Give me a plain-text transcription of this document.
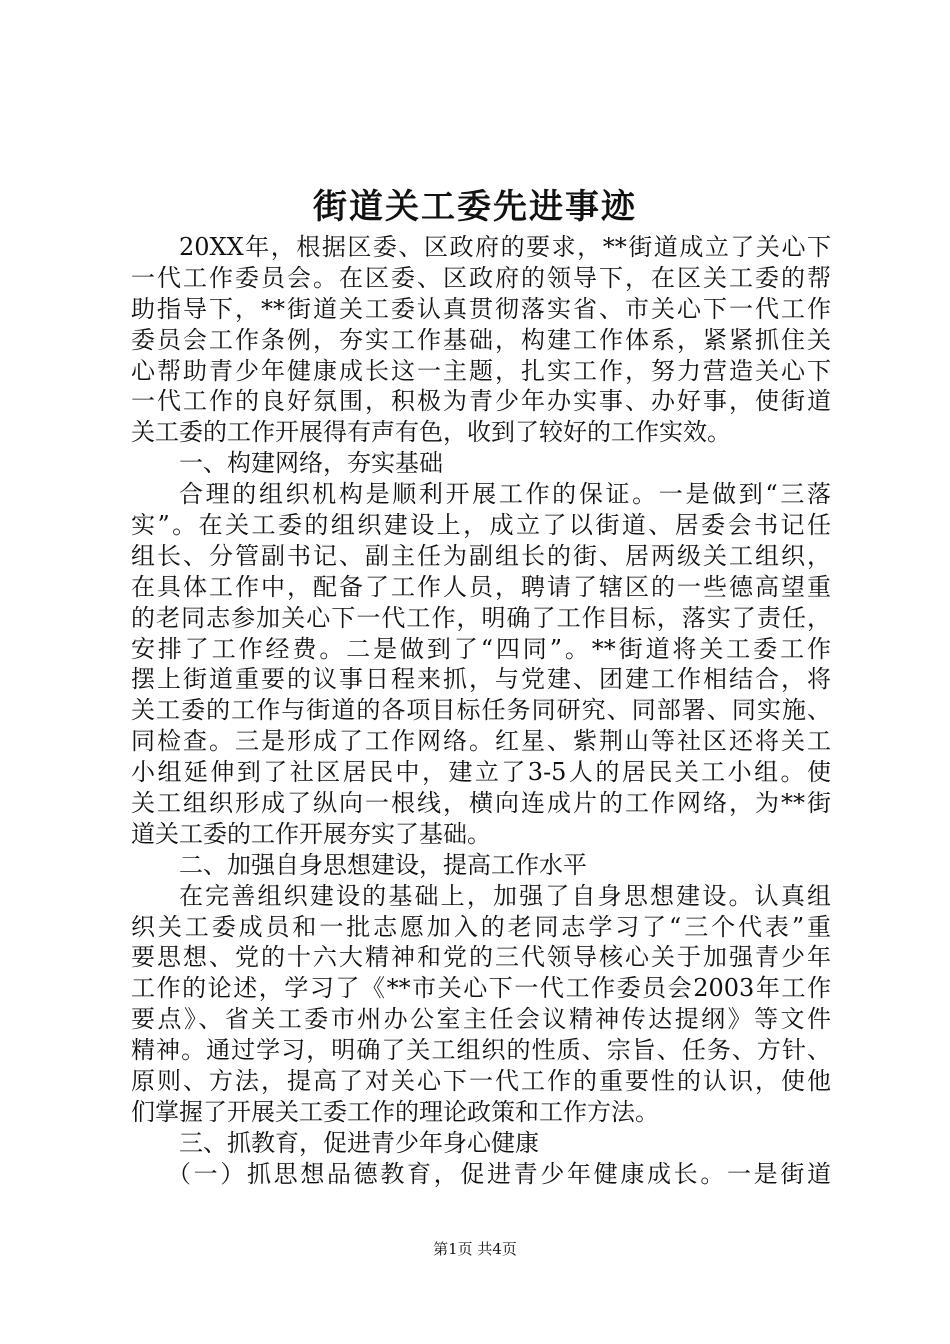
街道关工委先进事迹

20XX年，根据区委、区政府的要求，**街道成立了关心下

一代工作委员会。在区委、区政府的领导下，在区关工委的帮

助指导下，**街道关工委认真贯彻落实省、市关心下一代工作

委员会工作条例，夯实工作基础，构建工作体系，紧紧抓住关

心帮助青少年健康成长这一主题，扎实工作，努力营造关心下

一代工作的良好氛围，积极为青少年办实事、办好事，使街道

关工委的工作开展得有声有色，收到了较好的工作实效。

一、构建网络，夯实基础

合理的组织机构是顺利开展工作的保证。一是做到“三落

实”。在关工委的组织建设上，成立了以街道、居委会书记任

组长、分管副书记、副主任为副组长的街、居两级关工组织，

在具体工作中，配备了工作人员，聘请了辖区的一些德高望重

的老同志参加关心下一代工作，明确了工作目标，落实了责任，

安排了工作经费。二是做到了“四同”。**街道将关工委工作

摆上街道重要的议事日程来抓，与党建、团建工作相结合，将

关工委的工作与街道的各项目标任务同研究、同部署、同实施、

同检查。三是形成了工作网络。红星、紫荆山等社区还将关工

小组延伸到了社区居民中，建立了3-5人的居民关工小组。使

关工组织形成了纵向一根线，横向连成片的工作网络，为**街

道关工委的工作开展夯实了基础。

二、加强自身思想建设，提高工作水平

在完善组织建设的基础上，加强了自身思想建设。认真组

织关工委成员和一批志愿加入的老同志学习了“三个代表”重

要思想、党的十六大精神和党的三代领导核心关于加强青少年

工作的论述，学习了《**市关心下一代工作委员会2003年工作

要点》、省关工委市州办公室主任会议精神传达提纲》等文件

精神。通过学习，明确了关工组织的性质、宗旨、任务、方针、

原则、方法，提高了对关心下一代工作的重要性的认识，使他

们掌握了开展关工委工作的理论政策和工作方法。

三、抓教育，促进青少年身心健康

（一）抓思想品德教育，促进青少年健康成长。一是街道

第1页 共4页
